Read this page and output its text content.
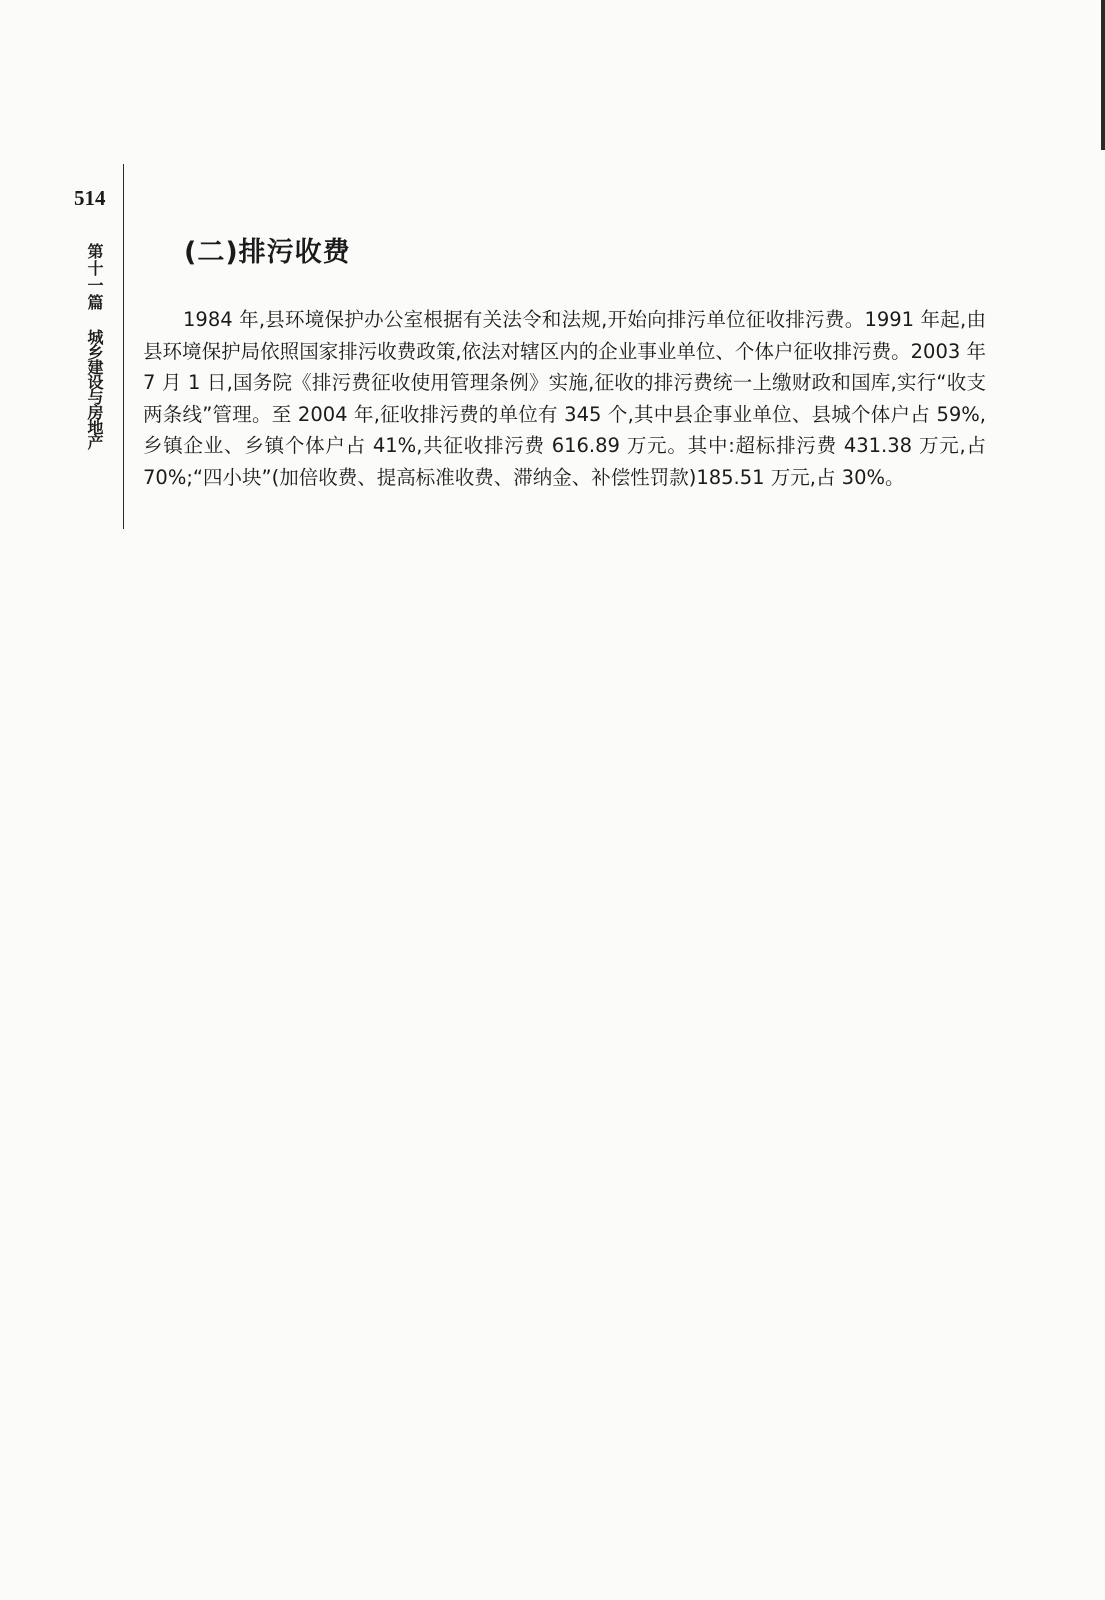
514
第十一篇
城乡建设与房地产
(二)排污收费
1984 年,县环境保护办公室根据有关法令和法规,开始向排污单位征收排污费。1991 年起,由县环境保护局依照国家排污收费政策,依法对辖区内的企业事业单位、个体户征收排污费。2003 年 7 月 1 日,国务院《排污费征收使用管理条例》实施,征收的排污费统一上缴财政和国库,实行“收支两条线”管理。至 2004 年,征收排污费的单位有 345 个,其中县企事业单位、县城个体户占 59%,乡镇企业、乡镇个体户占 41%,共征收排污费 616.89 万元。其中:超标排污费 431.38 万元,占 70%;“四小块”(加倍收费、提高标准收费、滞纳金、补偿性罚款)185.51 万元,占 30%。
